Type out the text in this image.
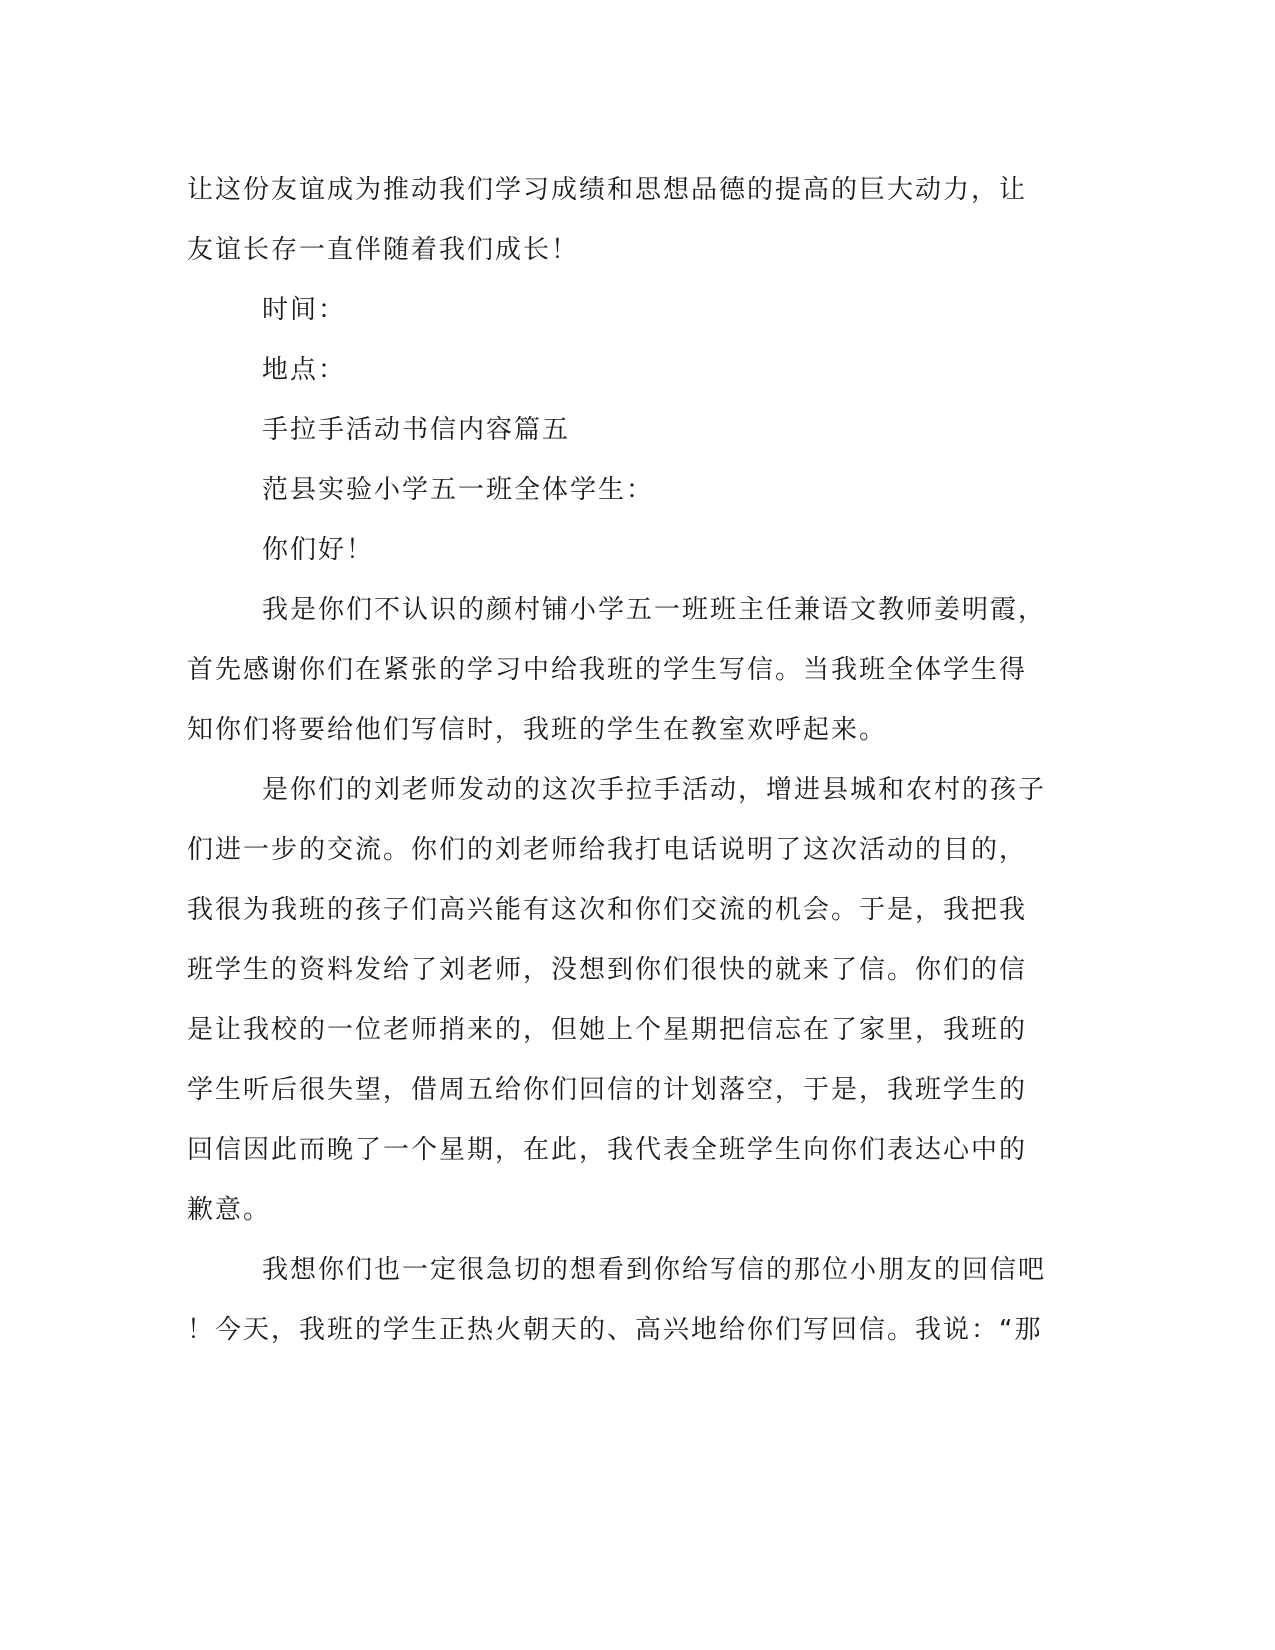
让这份友谊成为推动我们学习成绩和思想品德的提高的巨大动力，让
友谊长存一直伴随着我们成长！
时间：
地点：
手拉手活动书信内容篇五
范县实验小学五一班全体学生：
你们好！
我是你们不认识的颜村铺小学五一班班主任兼语文教师姜明霞，
首先感谢你们在紧张的学习中给我班的学生写信。当我班全体学生得
知你们将要给他们写信时，我班的学生在教室欢呼起来。
是你们的刘老师发动的这次手拉手活动，增进县城和农村的孩子
们进一步的交流。你们的刘老师给我打电话说明了这次活动的目的，
我很为我班的孩子们高兴能有这次和你们交流的机会。于是，我把我
班学生的资料发给了刘老师，没想到你们很快的就来了信。你们的信
是让我校的一位老师捎来的，但她上个星期把信忘在了家里，我班的
学生听后很失望，借周五给你们回信的计划落空，于是，我班学生的
回信因此而晚了一个星期，在此，我代表全班学生向你们表达心中的
歉意。
我想你们也一定很急切的想看到你给写信的那位小朋友的回信吧
！今天，我班的学生正热火朝天的、高兴地给你们写回信。我说：“那
